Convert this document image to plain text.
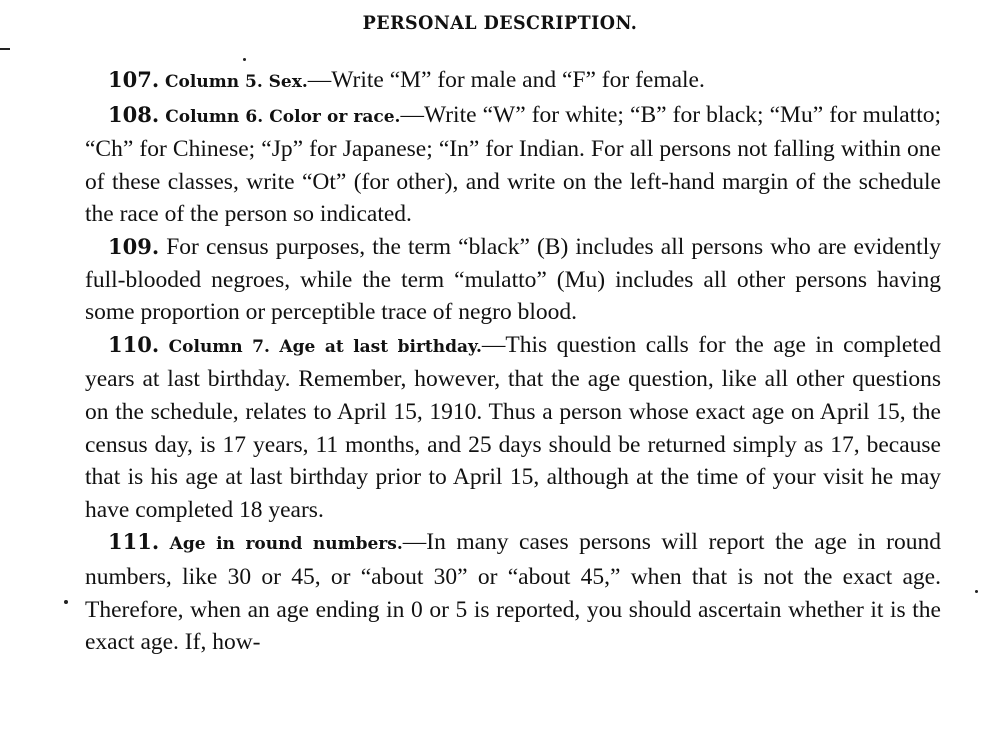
PERSONAL DESCRIPTION.

107. Column 5. Sex.—Write “M” for male and “F” for female.

108. Column 6. Color or race.—Write “W” for white; “B” for black; “Mu” for mulatto; “Ch” for Chinese; “Jp” for Japanese; “In” for Indian. For all persons not falling within one of these classes, write “Ot” (for other), and write on the left-hand margin of the schedule the race of the person so indicated.

109. For census purposes, the term “black” (B) includes all persons who are evidently full-blooded negroes, while the term “mulatto” (Mu) includes all other persons having some proportion or perceptible trace of negro blood.

110. Column 7. Age at last birthday.—This question calls for the age in completed years at last birthday. Remember, however, that the age question, like all other questions on the schedule, relates to April 15, 1910. Thus a person whose exact age on April 15, the census day, is 17 years, 11 months, and 25 days should be returned simply as 17, because that is his age at last birthday prior to April 15, although at the time of your visit he may have completed 18 years.

111. Age in round numbers.—In many cases persons will report the age in round numbers, like 30 or 45, or “about 30” or “about 45,” when that is not the exact age. Therefore, when an age ending in 0 or 5 is reported, you should ascertain whether it is the exact age. If, how-
